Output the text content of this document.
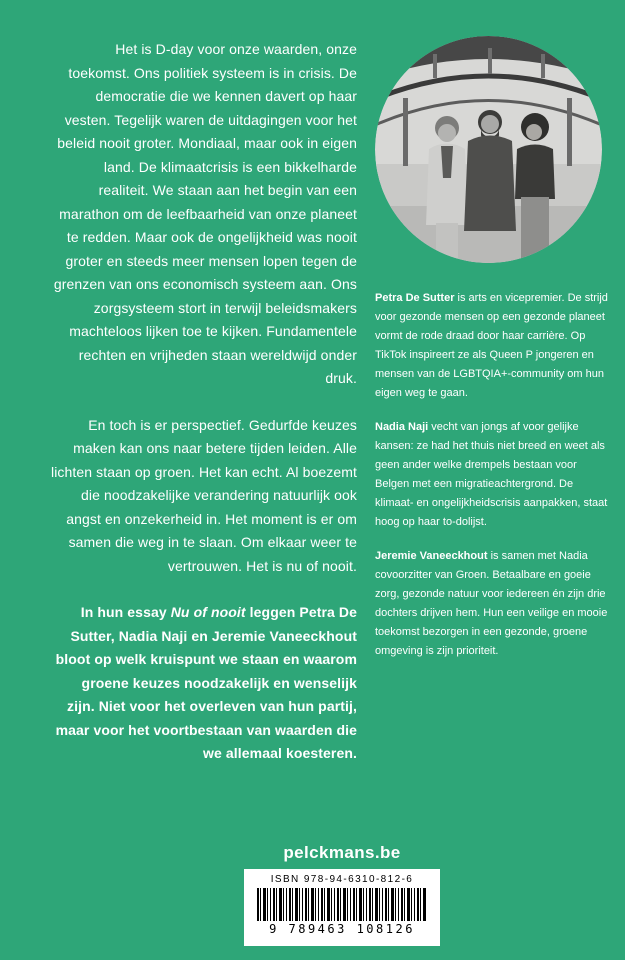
Het is D-day voor onze waarden, onze toekomst. Ons politiek systeem is in crisis. De democratie die we kennen davert op haar vesten. Tegelijk waren de uitdagingen voor het beleid nooit groter. Mondiaal, maar ook in eigen land. De klimaatcrisis is een bikkelharde realiteit. We staan aan het begin van een marathon om de leefbaarheid van onze planeet te redden. Maar ook de ongelijkheid was nooit groter en steeds meer mensen lopen tegen de grenzen van ons economisch systeem aan. Ons zorgsysteem stort in terwijl beleidsmakers machteloos lijken toe te kijken. Fundamentele rechten en vrijheden staan wereldwijd onder druk.

En toch is er perspectief. Gedurfde keuzes maken kan ons naar betere tijden leiden. Alle lichten staan op groen. Het kan echt. Al boezemt die noodzakelijke verandering natuurlijk ook angst en onzekerheid in. Het moment is er om samen die weg in te slaan. Om elkaar weer te vertrouwen. Het is nu of nooit.

In hun essay Nu of nooit leggen Petra De Sutter, Nadia Naji en Jeremie Vaneeckhout bloot op welk kruispunt we staan en waarom groene keuzes noodzakelijk en wenselijk zijn. Niet voor het overleven van hun partij, maar voor het voortbestaan van waarden die we allemaal koesteren.

Petra De Sutter is arts en vicepremier. De strijd voor gezonde mensen op een gezonde planeet vormt de rode draad door haar carrière. Op TikTok inspireert ze als Queen P jongeren en mensen van de LGBTQIA+-community om hun eigen weg te gaan.

Nadia Naji vecht van jongs af voor gelijke kansen: ze had het thuis niet breed en weet als geen ander welke drempels bestaan voor Belgen met een migratieachtergrond. De klimaat- en ongelijkheidscrisis aanpakken, staat hoog op haar to-dolijst.

Jeremie Vaneeckhout is samen met Nadia covoorzitter van Groen. Betaalbare en goeie zorg, gezonde natuur voor iedereen én zijn drie dochters drijven hem. Hun een veilige en mooie toekomst bezorgen in een gezonde, groene omgeving is zijn prioriteit.

pelckmans.be
ISBN 978-94-6310-812-6
9 789463 108126
